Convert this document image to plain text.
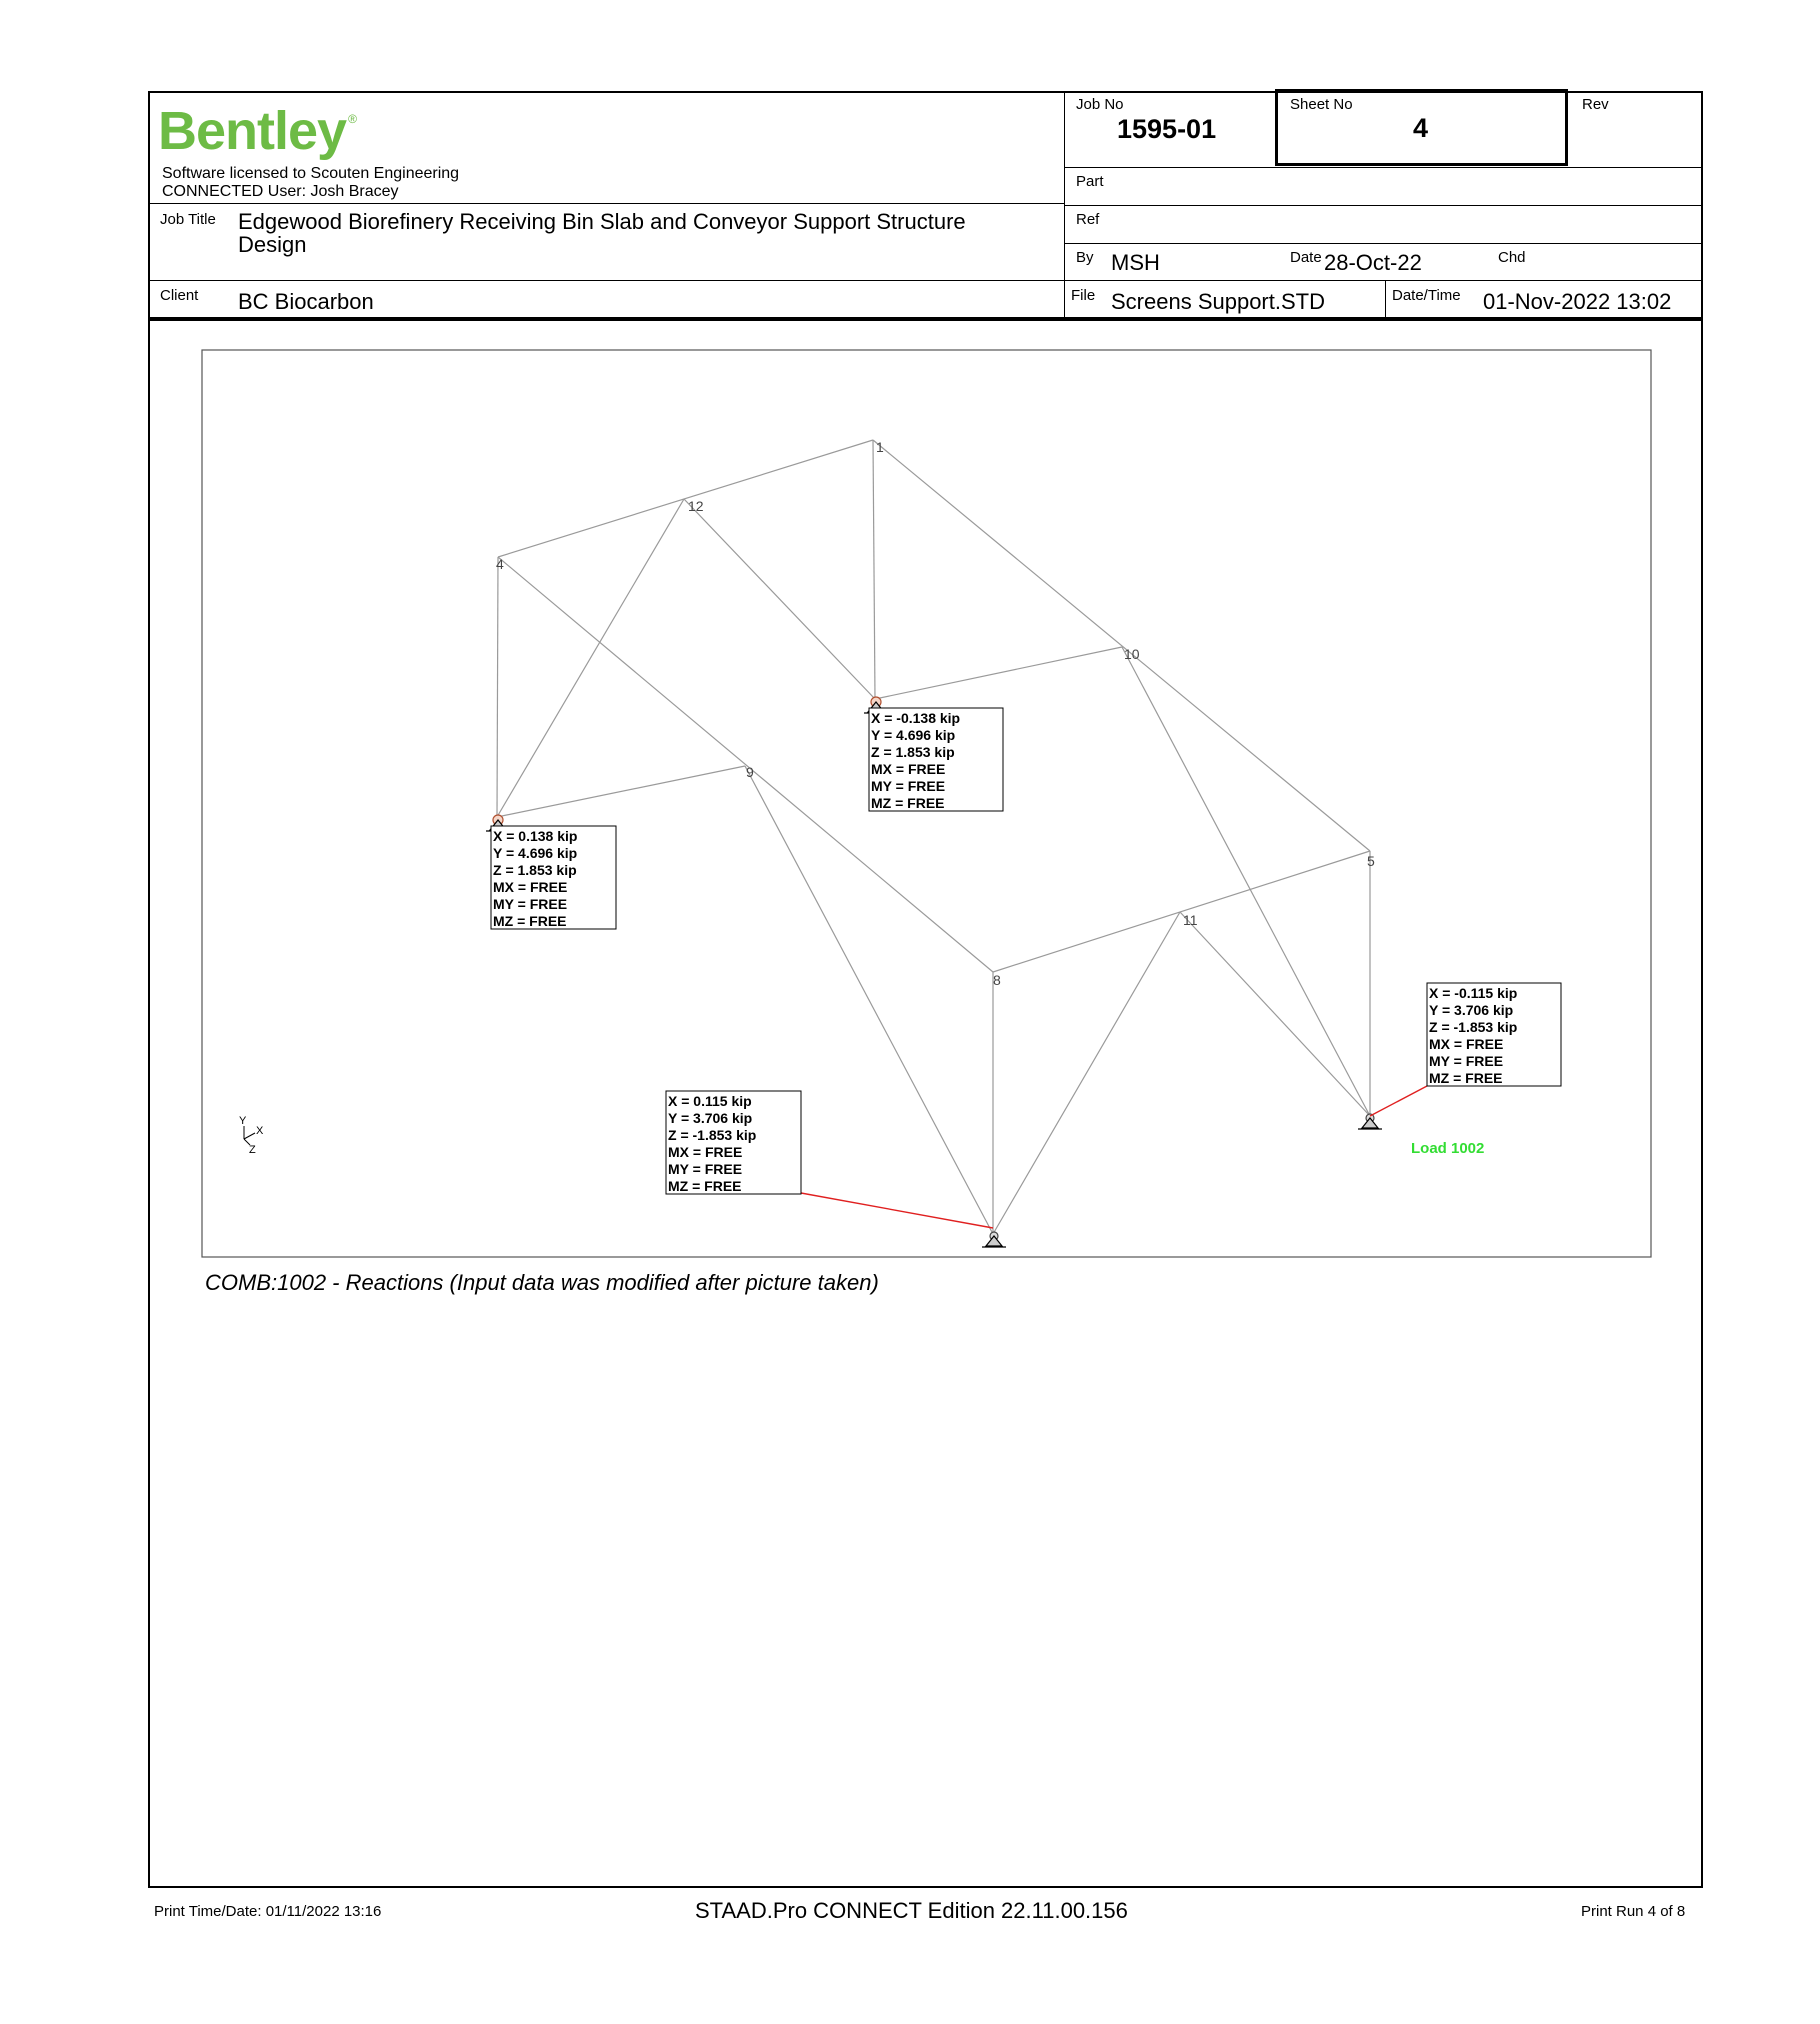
Bentley ®
Software licensed to Scouten Engineering
CONNECTED User: Josh Bracey
Job No
1595-01
Sheet No
4
Rev
Part
Ref
Job Title Edgewood Biorefinery Receiving Bin Slab and Conveyor Support Structure
Design
By MSH	Date 28-Oct-22	Chd
Client BC Biocarbon	File Screens Support.STD	Date/Time 01-Nov-2022 13:02
1
4
12
10
9
5
11
8
X = -0.138 kip
Y = 4.696 kip
Z = 1.853 kip
MX = FREE
MY = FREE
MZ = FREE
X = 0.138 kip
Y = 4.696 kip
Z = 1.853 kip
MX = FREE
MY = FREE
MZ = FREE
X = -0.115 kip
Y = 3.706 kip
Z = -1.853 kip
MX = FREE
MY = FREE
MZ = FREE
X = 0.115 kip
Y = 3.706 kip
Z = -1.853 kip
MX = FREE
MY = FREE
MZ = FREE
Load 1002
Y
X
Z
COMB:1002 - Reactions (Input data was modified after picture taken)
Print Time/Date: 01/11/2022 13:16	STAAD.Pro CONNECT Edition 22.11.00.156	Print Run 4 of 8
